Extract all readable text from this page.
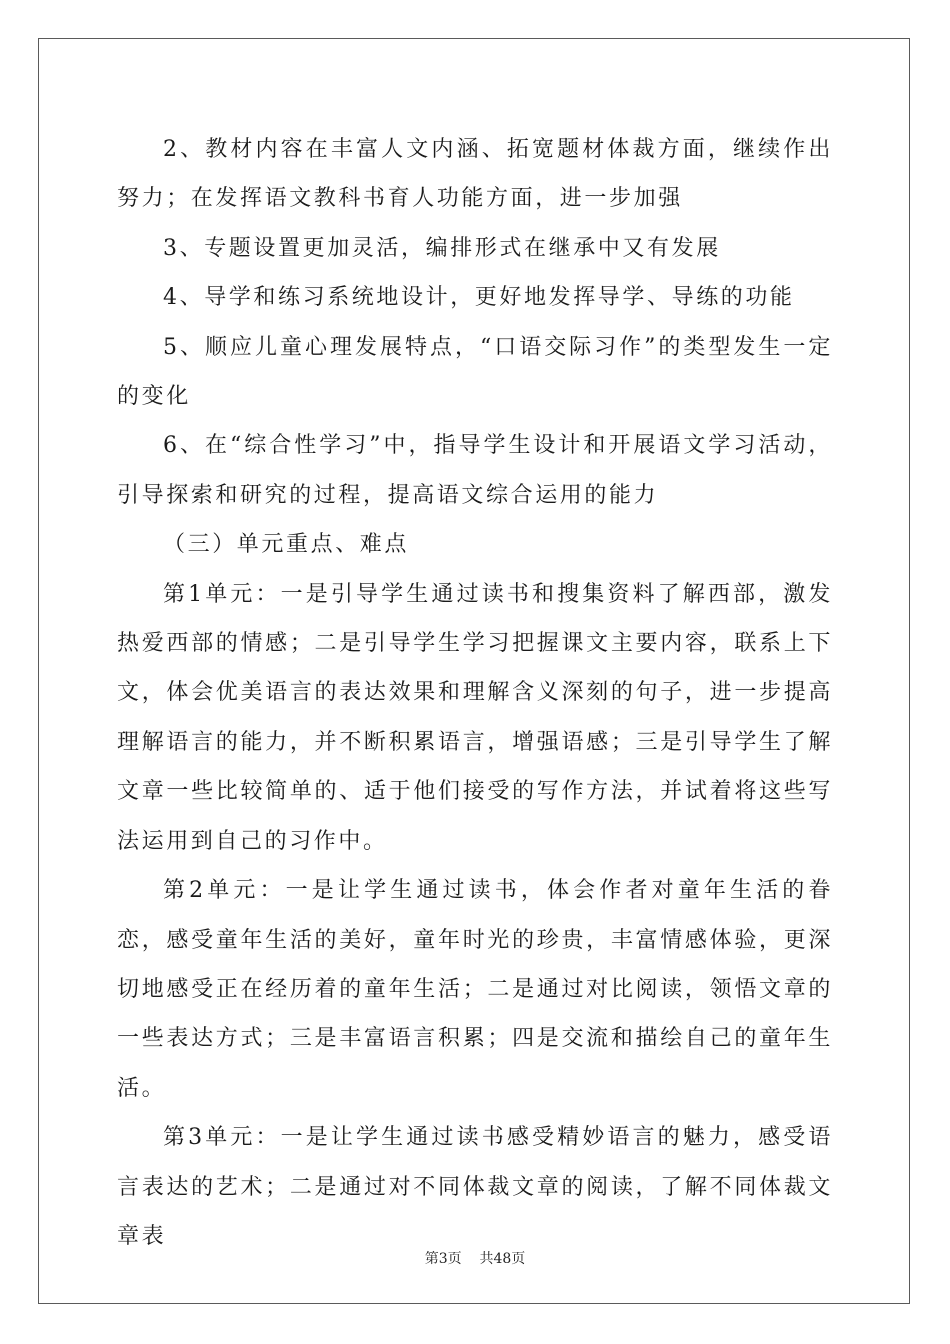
2、教材内容在丰富人文内涵、拓宽题材体裁方面，继续作出努力；在发挥语文教科书育人功能方面，进一步加强

3、专题设置更加灵活，编排形式在继承中又有发展

4、导学和练习系统地设计，更好地发挥导学、导练的功能

5、顺应儿童心理发展特点，“口语交际习作”的类型发生一定的变化

6、在“综合性学习”中，指导学生设计和开展语文学习活动，引导探索和研究的过程，提高语文综合运用的能力

（三）单元重点、难点

第1单元：一是引导学生通过读书和搜集资料了解西部，激发热爱西部的情感；二是引导学生学习把握课文主要内容，联系上下文，体会优美语言的表达效果和理解含义深刻的句子，进一步提高理解语言的能力，并不断积累语言，增强语感；三是引导学生了解文章一些比较简单的、适于他们接受的写作方法，并试着将这些写法运用到自己的习作中。

第2单元：一是让学生通过读书，体会作者对童年生活的眷恋，感受童年生活的美好，童年时光的珍贵，丰富情感体验，更深切地感受正在经历着的童年生活；二是通过对比阅读，领悟文章的一些表达方式；三是丰富语言积累；四是交流和描绘自己的童年生活。

第3单元：一是让学生通过读书感受精妙语言的魅力，感受语言表达的艺术；二是通过对不同体裁文章的阅读，了解不同体裁文章表

第3页 共48页
